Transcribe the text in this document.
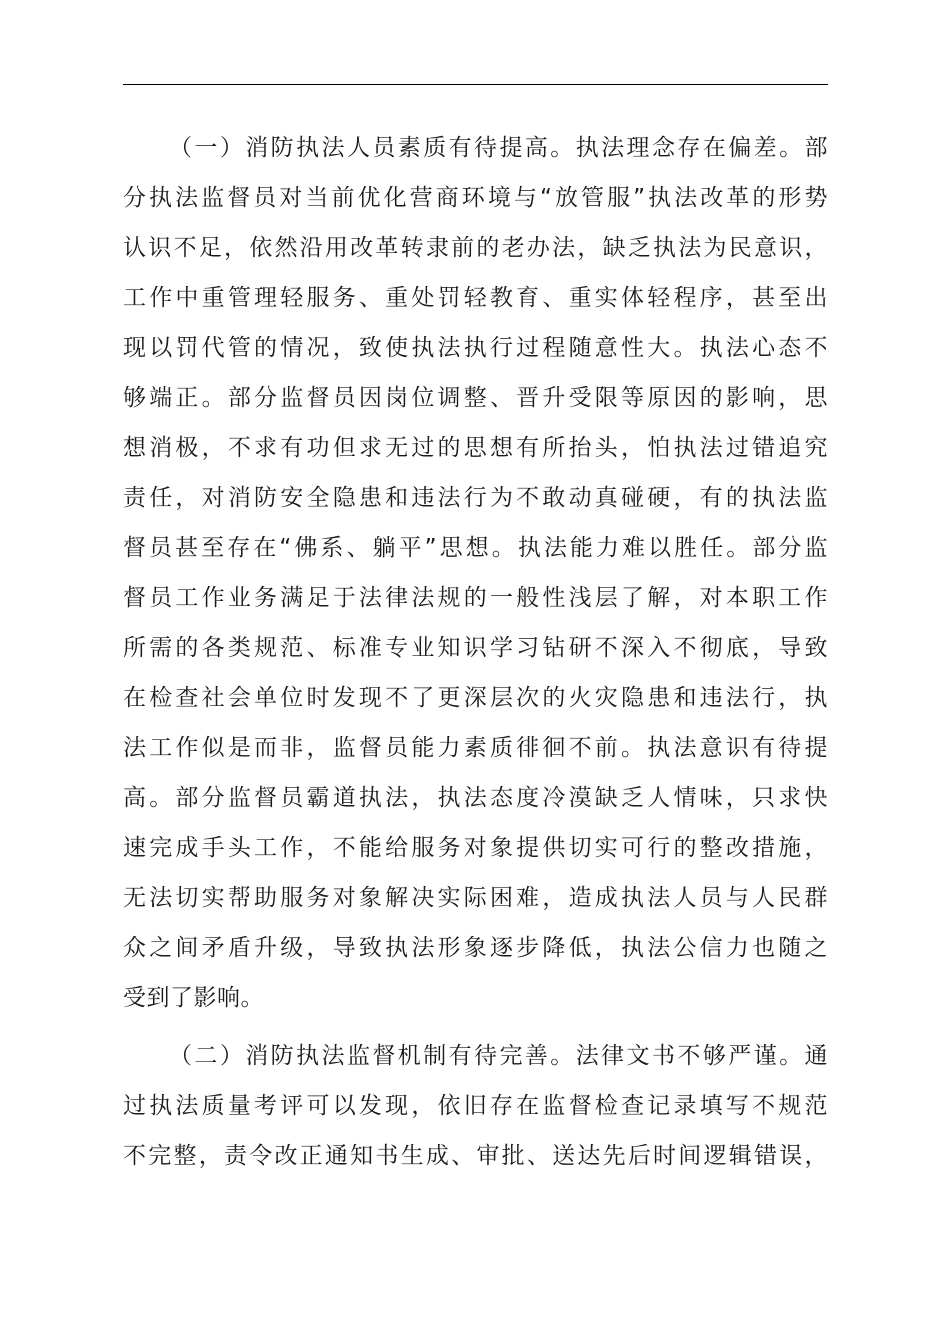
（一）消防执法人员素质有待提高。执法理念存在偏差。部
分执法监督员对当前优化营商环境与“放管服”执法改革的形势
认识不足，依然沿用改革转隶前的老办法，缺乏执法为民意识，
工作中重管理轻服务、重处罚轻教育、重实体轻程序，甚至出
现以罚代管的情况，致使执法执行过程随意性大。执法心态不
够端正。部分监督员因岗位调整、晋升受限等原因的影响，思
想消极，不求有功但求无过的思想有所抬头，怕执法过错追究
责任，对消防安全隐患和违法行为不敢动真碰硬，有的执法监
督员甚至存在“佛系、躺平”思想。执法能力难以胜任。部分监
督员工作业务满足于法律法规的一般性浅层了解，对本职工作
所需的各类规范、标准专业知识学习钻研不深入不彻底，导致
在检查社会单位时发现不了更深层次的火灾隐患和违法行，执
法工作似是而非，监督员能力素质徘徊不前。执法意识有待提
高。部分监督员霸道执法，执法态度冷漠缺乏人情味，只求快
速完成手头工作，不能给服务对象提供切实可行的整改措施，
无法切实帮助服务对象解决实际困难，造成执法人员与人民群
众之间矛盾升级，导致执法形象逐步降低，执法公信力也随之
受到了影响。
（二）消防执法监督机制有待完善。法律文书不够严谨。通
过执法质量考评可以发现，依旧存在监督检查记录填写不规范
不完整，责令改正通知书生成、审批、送达先后时间逻辑错误，
